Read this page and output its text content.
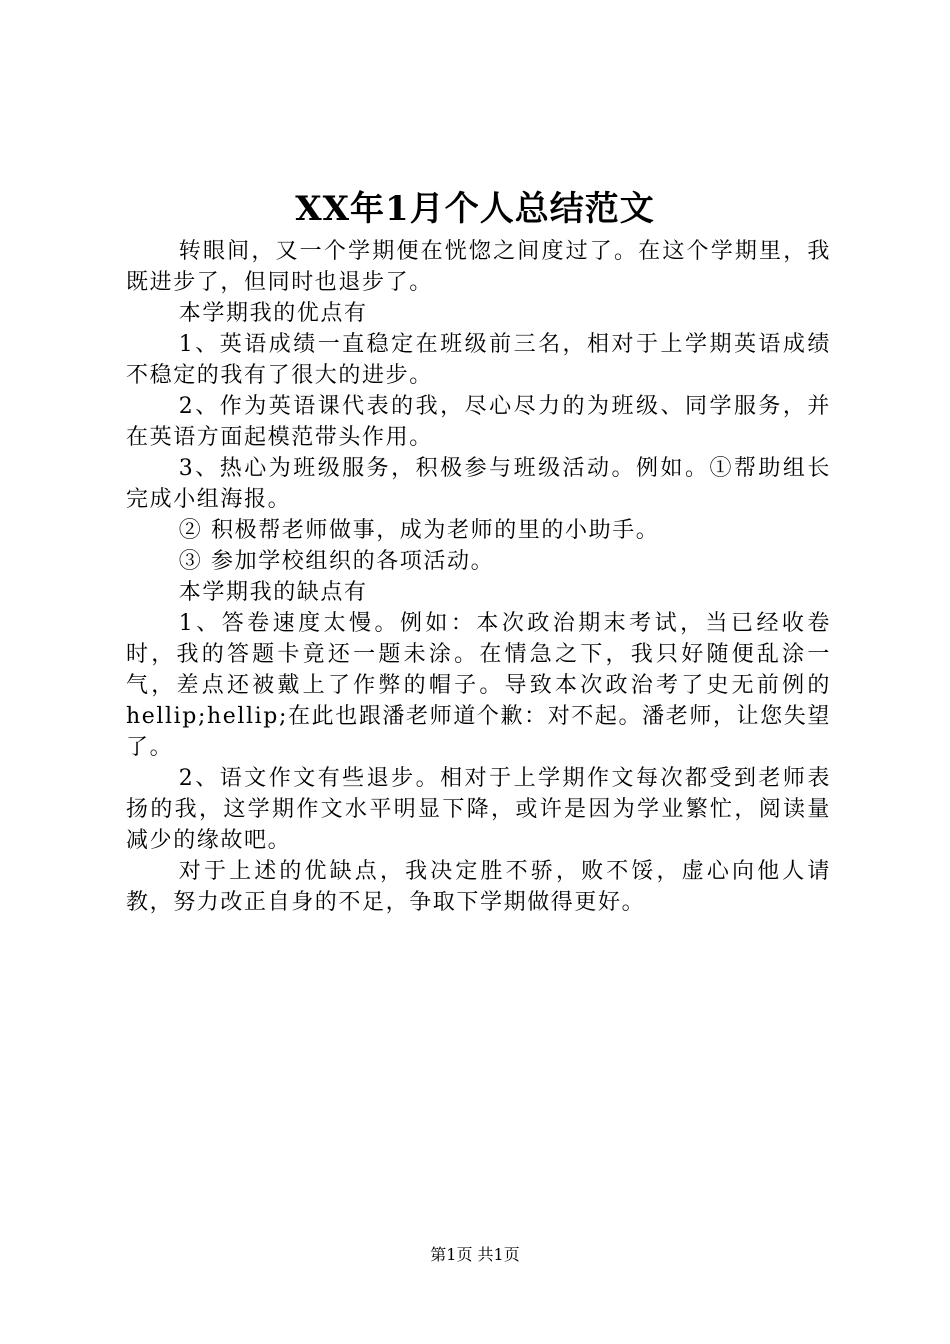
XX年1月个人总结范文

转眼间，又一个学期便在恍惚之间度过了。在这个学期里，我既进步了，但同时也退步了。

本学期我的优点有

1、英语成绩一直稳定在班级前三名，相对于上学期英语成绩不稳定的我有了很大的进步。

2、作为英语课代表的我，尽心尽力的为班级、同学服务，并在英语方面起模范带头作用。

3、热心为班级服务，积极参与班级活动。例如。①帮助组长完成小组海报。

② 积极帮老师做事，成为老师的里的小助手。

③ 参加学校组织的各项活动。

本学期我的缺点有

1、答卷速度太慢。例如：本次政治期末考试，当已经收卷时，我的答题卡竟还一题未涂。在情急之下，我只好随便乱涂一气，差点还被戴上了作弊的帽子。导致本次政治考了史无前例的hellip;hellip;在此也跟潘老师道个歉：对不起。潘老师，让您失望了。

2、语文作文有些退步。相对于上学期作文每次都受到老师表扬的我，这学期作文水平明显下降，或许是因为学业繁忙，阅读量减少的缘故吧。

对于上述的优缺点，我决定胜不骄，败不馁，虚心向他人请教，努力改正自身的不足，争取下学期做得更好。

第1页 共1页
